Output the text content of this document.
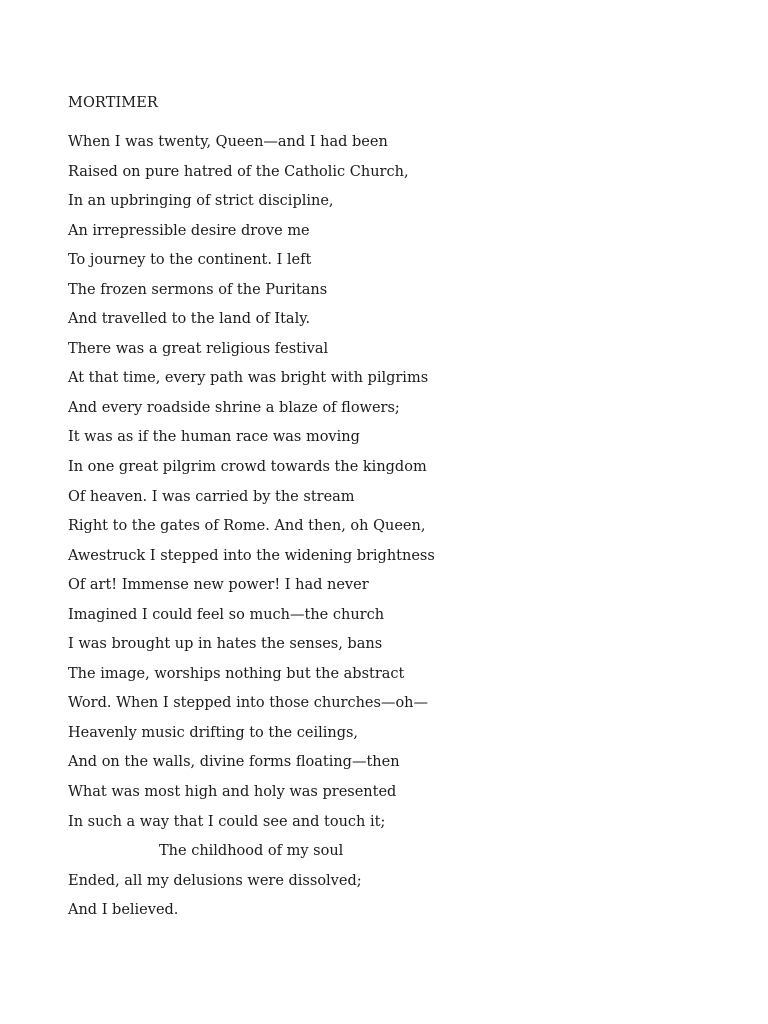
MORTIMER
When I was twenty, Queen—and I had been
Raised on pure hatred of the Catholic Church,
In an upbringing of strict discipline,
An irrepressible desire drove me
To journey to the continent. I left
The frozen sermons of the Puritans
And travelled to the land of Italy.
There was a great religious festival
At that time, every path was bright with pilgrims
And every roadside shrine a blaze of flowers;
It was as if the human race was moving
In one great pilgrim crowd towards the kingdom
Of heaven. I was carried by the stream
Right to the gates of Rome. And then, oh Queen,
Awestruck I stepped into the widening brightness
Of art! Immense new power! I had never
Imagined I could feel so much—the church
I was brought up in hates the senses, bans
The image, worships nothing but the abstract
Word. When I stepped into those churches—oh—
Heavenly music drifting to the ceilings,
And on the walls, divine forms floating—then
What was most high and holy was presented
In such a way that I could see and touch it;
The childhood of my soul
Ended, all my delusions were dissolved;
And I believed.
